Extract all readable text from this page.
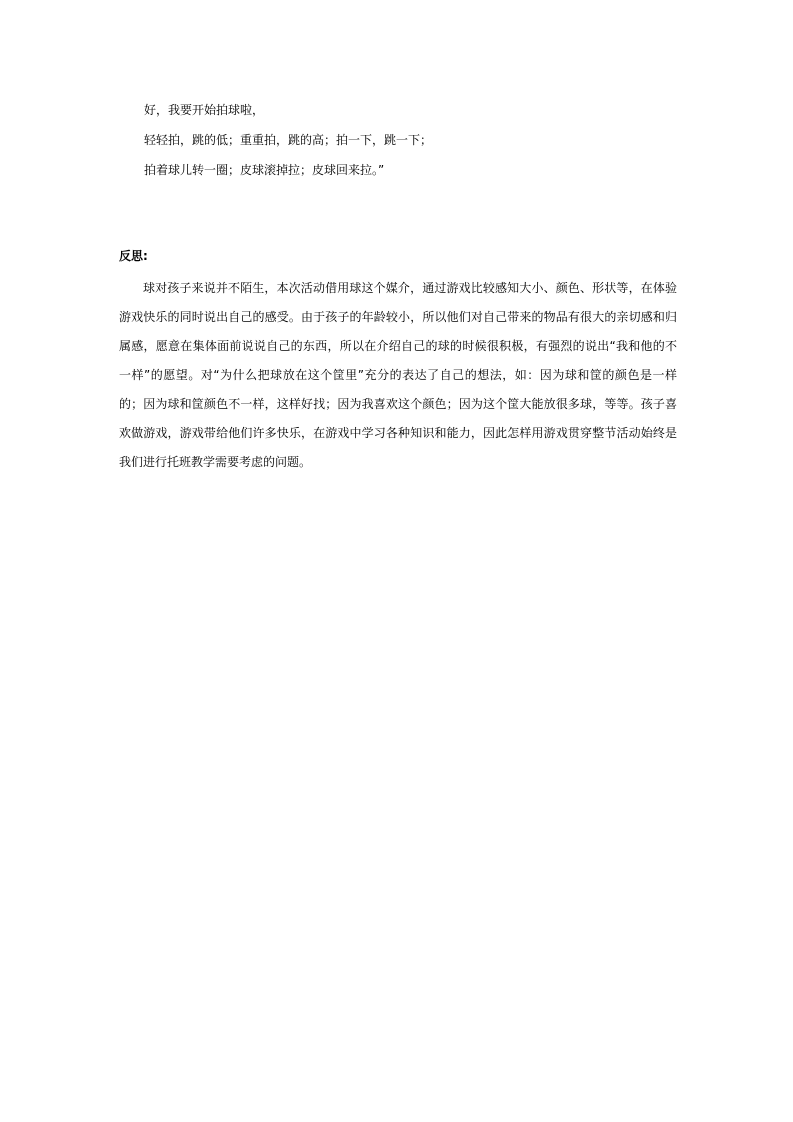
好，我要开始拍球啦，
轻轻拍，跳的低；重重拍，跳的高；拍一下，跳一下；
拍着球儿转一圈；皮球滚掉拉；皮球回来拉。”
反思:

球对孩子来说并不陌生，本次活动借用球这个媒介，通过游戏比较感知大小、颜色、形状等，在体验游戏快乐的同时说出自己的感受。由于孩子的年龄较小，所以他们对自己带来的物品有很大的亲切感和归属感，愿意在集体面前说说自己的东西，所以在介绍自己的球的时候很积极，有强烈的说出“我和他的不一样”的愿望。对“为什么把球放在这个筐里”充分的表达了自己的想法，如：因为球和筐的颜色是一样的；因为球和筐颜色不一样，这样好找；因为我喜欢这个颜色；因为这个筐大能放很多球，等等。孩子喜欢做游戏，游戏带给他们许多快乐，在游戏中学习各种知识和能力，因此怎样用游戏贯穿整节活动始终是我们进行托班教学需要考虑的问题。
